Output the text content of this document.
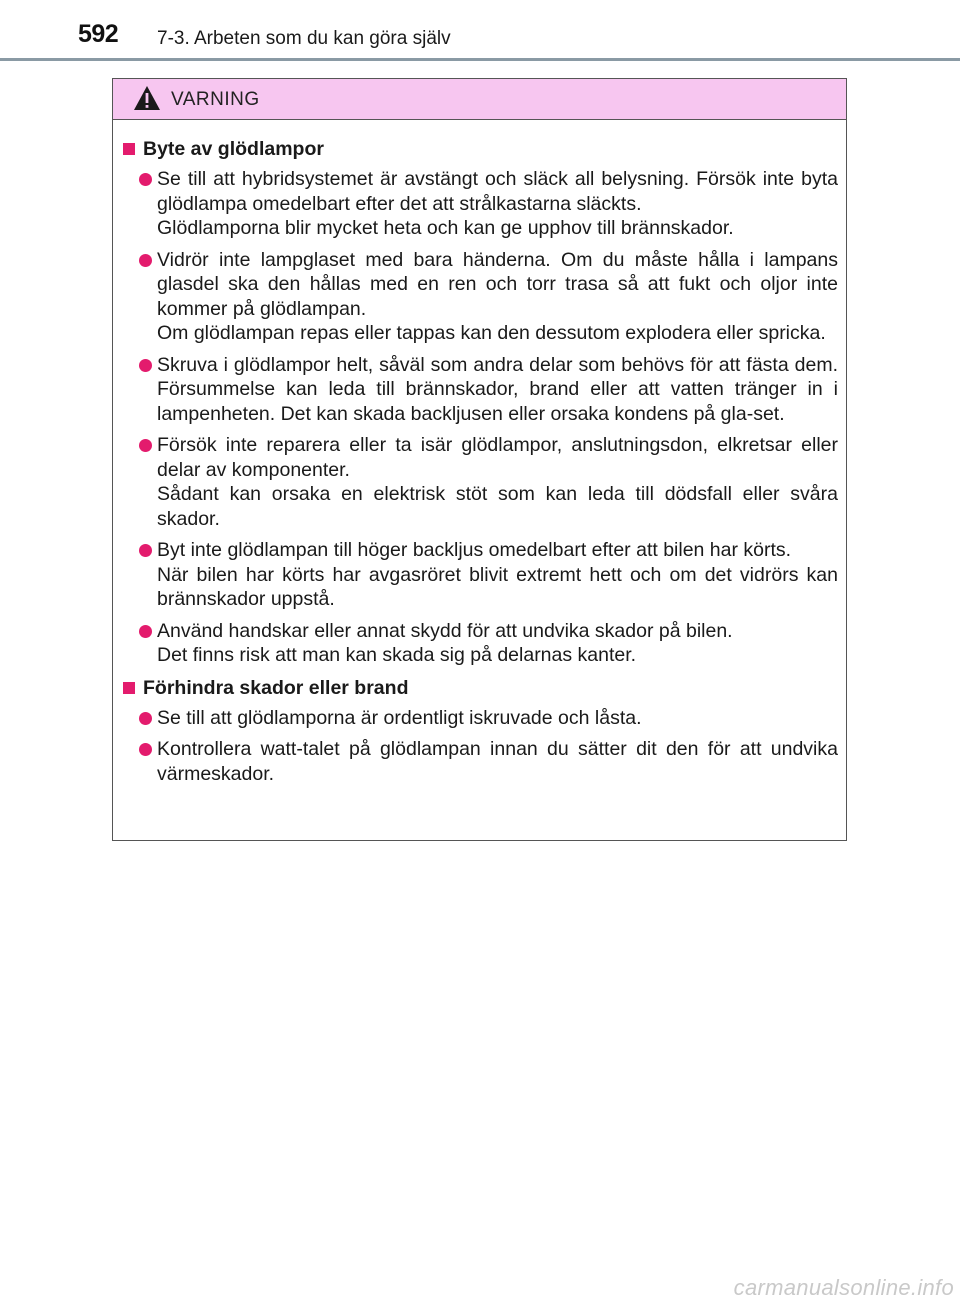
592 7-3. Arbeten som du kan göra själv
VARNING
Byte av glödlampor

Se till att hybridsystemet är avstängt och släck all belysning. Försök inte byta glödlampa omedelbart efter det att strålkastarna släckts.

Glödlamporna blir mycket heta och kan ge upphov till brännskador.

Vidrör inte lampglaset med bara händerna. Om du måste hålla i lampans glasdel ska den hållas med en ren och torr trasa så att fukt och oljor inte kommer på glödlampan.

Om glödlampan repas eller tappas kan den dessutom explodera eller spricka.

Skruva i glödlampor helt, såväl som andra delar som behövs för att fästa dem. Försummelse kan leda till brännskador, brand eller att vatten tränger in i lampenheten. Det kan skada backljusen eller orsaka kondens på gla-set.

Försök inte reparera eller ta isär glödlampor, anslutningsdon, elkretsar eller delar av komponenter.

Sådant kan orsaka en elektrisk stöt som kan leda till dödsfall eller svåra skador.

Byt inte glödlampan till höger backljus omedelbart efter att bilen har körts.

När bilen har körts har avgasröret blivit extremt hett och om det vidrörs kan brännskador uppstå.

Använd handskar eller annat skydd för att undvika skador på bilen.

Det finns risk att man kan skada sig på delarnas kanter.

Förhindra skador eller brand

Se till att glödlamporna är ordentligt iskruvade och låsta.

Kontrollera watt-talet på glödlampan innan du sätter dit den för att undvika värmeskador.

carmanualsonline.info
